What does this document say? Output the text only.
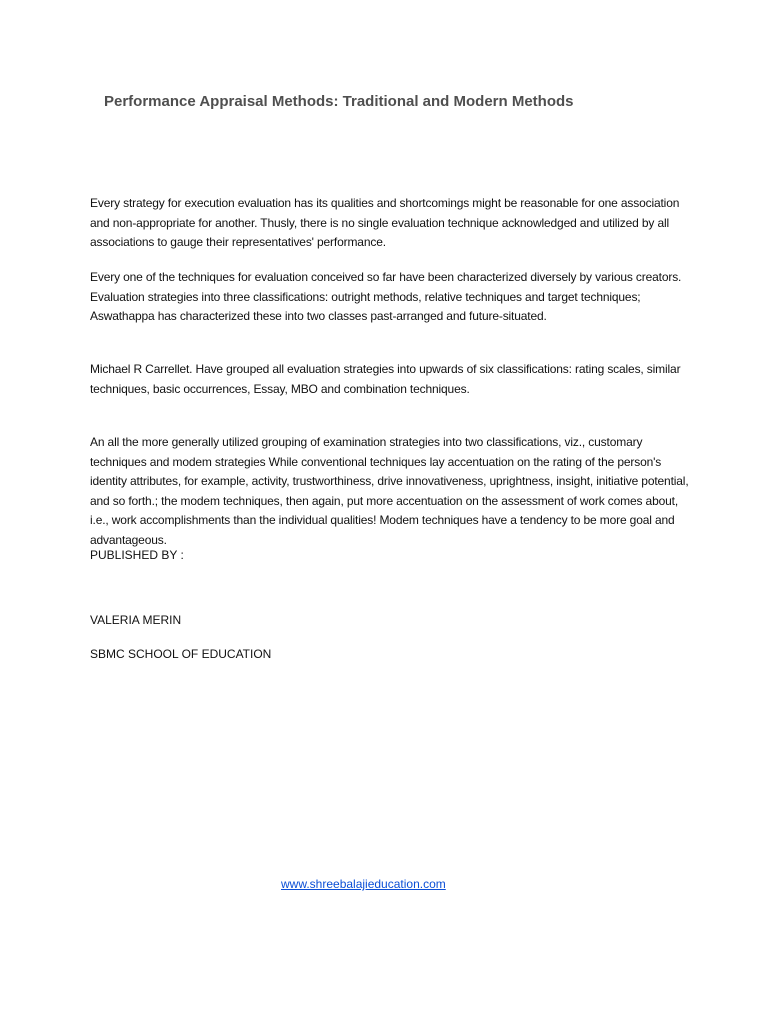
Performance Appraisal Methods: Traditional and Modern Methods

Every strategy for execution evaluation has its qualities and shortcomings might be reasonable for one association and non-appropriate for another. Thusly, there is no single evaluation technique acknowledged and utilized by all associations to gauge their representatives' performance.

Every one of the techniques for evaluation conceived so far have been characterized diversely by various creators. Evaluation strategies into three classifications: outright methods, relative techniques and target techniques; Aswathappa has characterized these into two classes past-arranged and future-situated.

Michael R Carrellet. Have grouped all evaluation strategies into upwards of six classifications: rating scales, similar techniques, basic occurrences, Essay, MBO and combination techniques.

An all the more generally utilized grouping of examination strategies into two classifications, viz., customary techniques and modem strategies While conventional techniques lay accentuation on the rating of the person's identity attributes, for example, activity, trustworthiness, drive innovativeness, uprightness, insight, initiative potential, and so forth.; the modem techniques, then again, put more accentuation on the assessment of work comes about, i.e., work accomplishments than the individual qualities! Modem techniques have a tendency to be more goal and advantageous.

PUBLISHED BY :

VALERIA MERIN

SBMC SCHOOL OF EDUCATION

www.shreebalajieducation.com
